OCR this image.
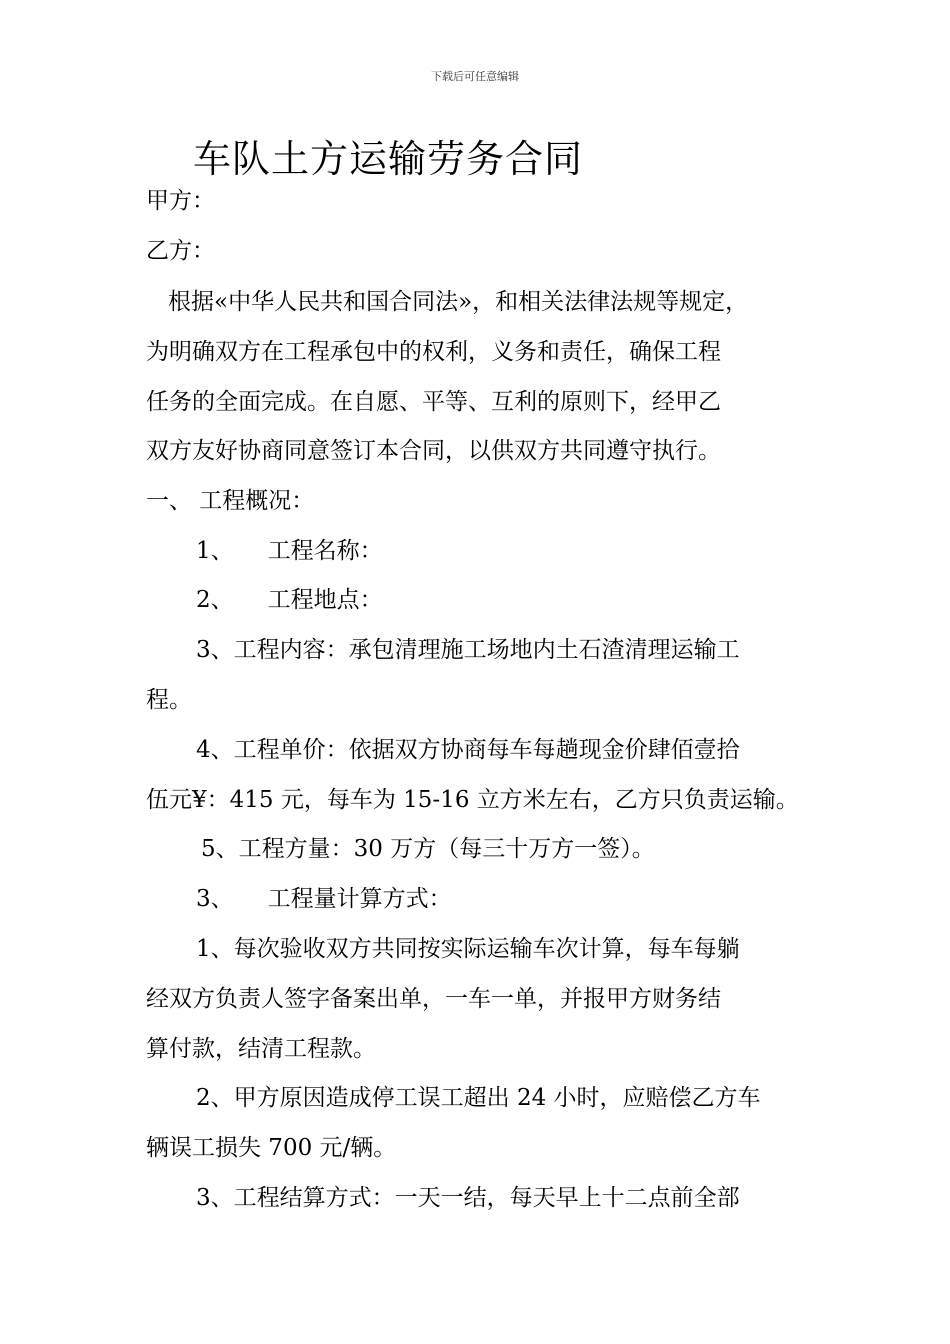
下载后可任意编辑
车队土方运输劳务合同
甲方：
乙方：
根据«中华人民共和国合同法»，和相关法律法规等规定，
为明确双方在工程承包中的权利，义务和责任，确保工程
任务的全面完成。在自愿、平等、互利的原则下，经甲乙
双方友好协商同意签订本合同，以供双方共同遵守执行。
一、 工程概况：
1、 工程名称：
2、 工程地点：
3、工程内容：承包清理施工场地内土石渣清理运输工
程。
4、工程单价：依据双方协商每车每趟现金价肆佰壹拾
伍元¥：415 元，每车为 15-16 立方米左右，乙方只负责运输。
5、工程方量：30 万方（每三十万方一签）。
3、 工程量计算方式：
1、每次验收双方共同按实际运输车次计算，每车每躺
经双方负责人签字备案出单，一车一单，并报甲方财务结
算付款，结清工程款。
2、甲方原因造成停工误工超出 24 小时，应赔偿乙方车
辆误工损失 700 元/辆。
3、工程结算方式：一天一结，每天早上十二点前全部
